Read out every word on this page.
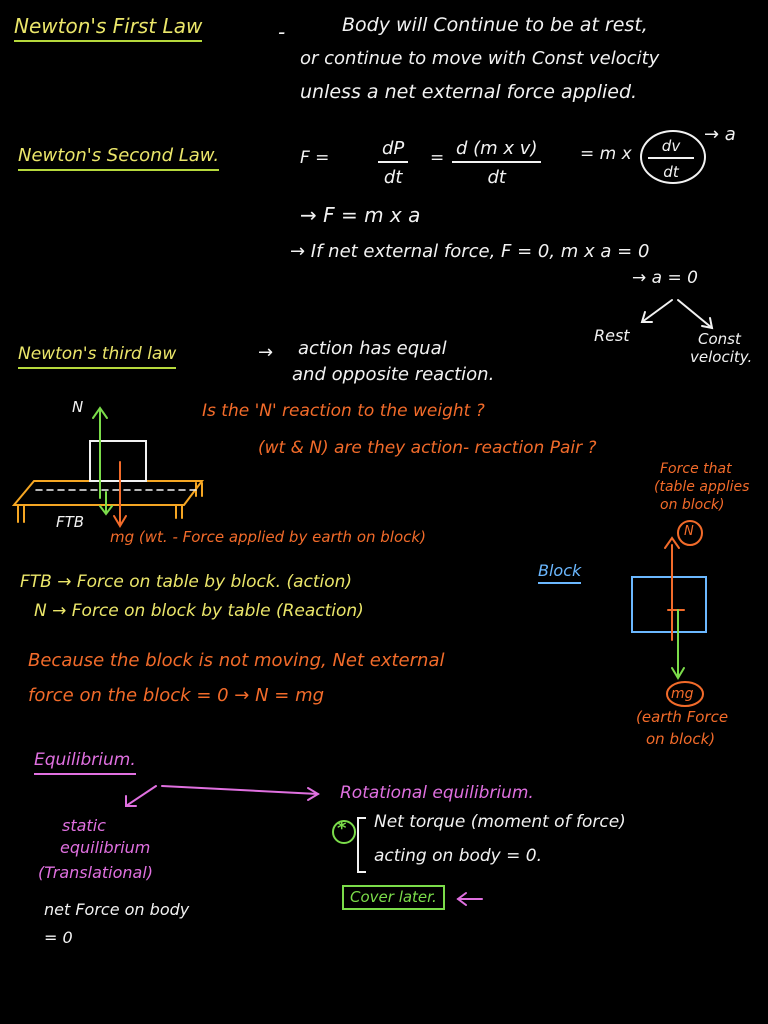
Newton's First Law	-	Body will Continue to be at rest,
or continue to move with Const velocity
unless a net external force applied.
Newton's Second Law.	F =	$\frac{dP}{dt} = \frac{\text{d (m x v)}}{dt} = m$ x $\frac{dv}{dt}$
→ a
→ F = m x a
→ If net external force, F = 0, m x a = 0
→ a = 0
Rest	Const
velocity.
Newton's third law	→ action has equal
and opposite reaction.
N
FTB
mg (wt. - Force applied by earth on block)
Is the 'N' reaction to the weight ?
(wt & N) are they action- reaction Pair ?
FTB → Force on table by block. (action)
N → Force on block by table (Reaction)
Block
Force that
(table applies
on block)
N
mg
(earth Force
on block)
Because the block is not moving, Net external
force on the block = 0 → N = mg
Equilibrium.
Rotational equilibrium.
* Net torque (moment of force)
acting on body = 0.
Cover later.
static
equilibrium
(Translational)
net Force on body
= 0
